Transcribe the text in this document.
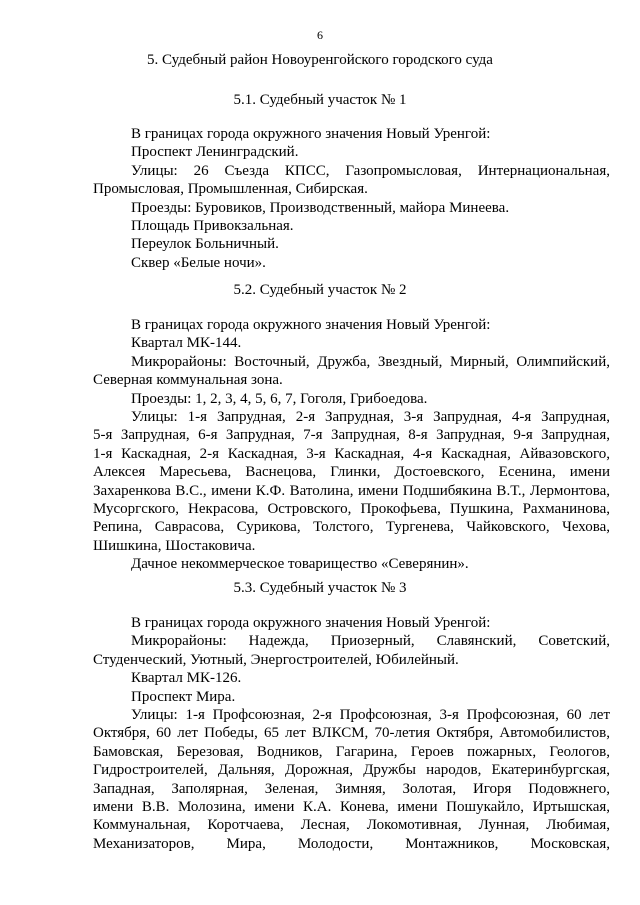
6
5. Судебный район Новоуренгойского городского суда
5.1. Судебный участок № 1
В границах города окружного значения Новый Уренгой:
Проспект Ленинградский.
Улицы: 26 Съезда КПСС, Газопромысловая, Интернациональная,
Промысловая, Промышленная, Сибирская.
Проезды: Буровиков, Производственный, майора Минеева.
Площадь Привокзальная.
Переулок Больничный.
Сквер «Белые ночи».
5.2. Судебный участок № 2
В границах города окружного значения Новый Уренгой:
Квартал МК-144.
Микрорайоны: Восточный, Дружба, Звездный, Мирный, Олимпийский,
Северная коммунальная зона.
Проезды: 1, 2, 3, 4, 5, 6, 7, Гоголя, Грибоедова.
Улицы: 1-я Запрудная, 2-я Запрудная, 3-я Запрудная, 4-я Запрудная,
5-я Запрудная, 6-я Запрудная, 7-я Запрудная, 8-я Запрудная, 9-я Запрудная,
1-я Каскадная, 2-я Каскадная, 3-я Каскадная, 4-я Каскадная, Айвазовского,
Алексея Маресьева, Васнецова, Глинки, Достоевского, Есенина, имени
Захаренкова В.С., имени К.Ф. Ватолина, имени Подшибякина В.Т., Лермонтова,
Мусоргского, Некрасова, Островского, Прокофьева, Пушкина, Рахманинова,
Репина, Саврасова, Сурикова, Толстого, Тургенева, Чайковского, Чехова,
Шишкина, Шостаковича.
Дачное некоммерческое товарищество «Северянин».
5.3. Судебный участок № 3
В границах города окружного значения Новый Уренгой:
Микрорайоны: Надежда, Приозерный, Славянский, Советский,
Студенческий, Уютный, Энергостроителей, Юбилейный.
Квартал МК-126.
Проспект Мира.
Улицы: 1-я Профсоюзная, 2-я Профсоюзная, 3-я Профсоюзная, 60 лет
Октября, 60 лет Победы, 65 лет ВЛКСМ, 70-летия Октября, Автомобилистов,
Бамовская, Березовая, Водников, Гагарина, Героев пожарных, Геологов,
Гидростроителей, Дальняя, Дорожная, Дружбы народов, Екатеринбургская,
Западная, Заполярная, Зеленая, Зимняя, Золотая, Игоря Подовжнего,
имени В.В. Молозина, имени К.А. Конева, имени Пошукайло, Иртышская,
Коммунальная, Коротчаева, Лесная, Локомотивная, Лунная, Любимая,
Механизаторов, Мира, Молодости, Монтажников, Московская,
